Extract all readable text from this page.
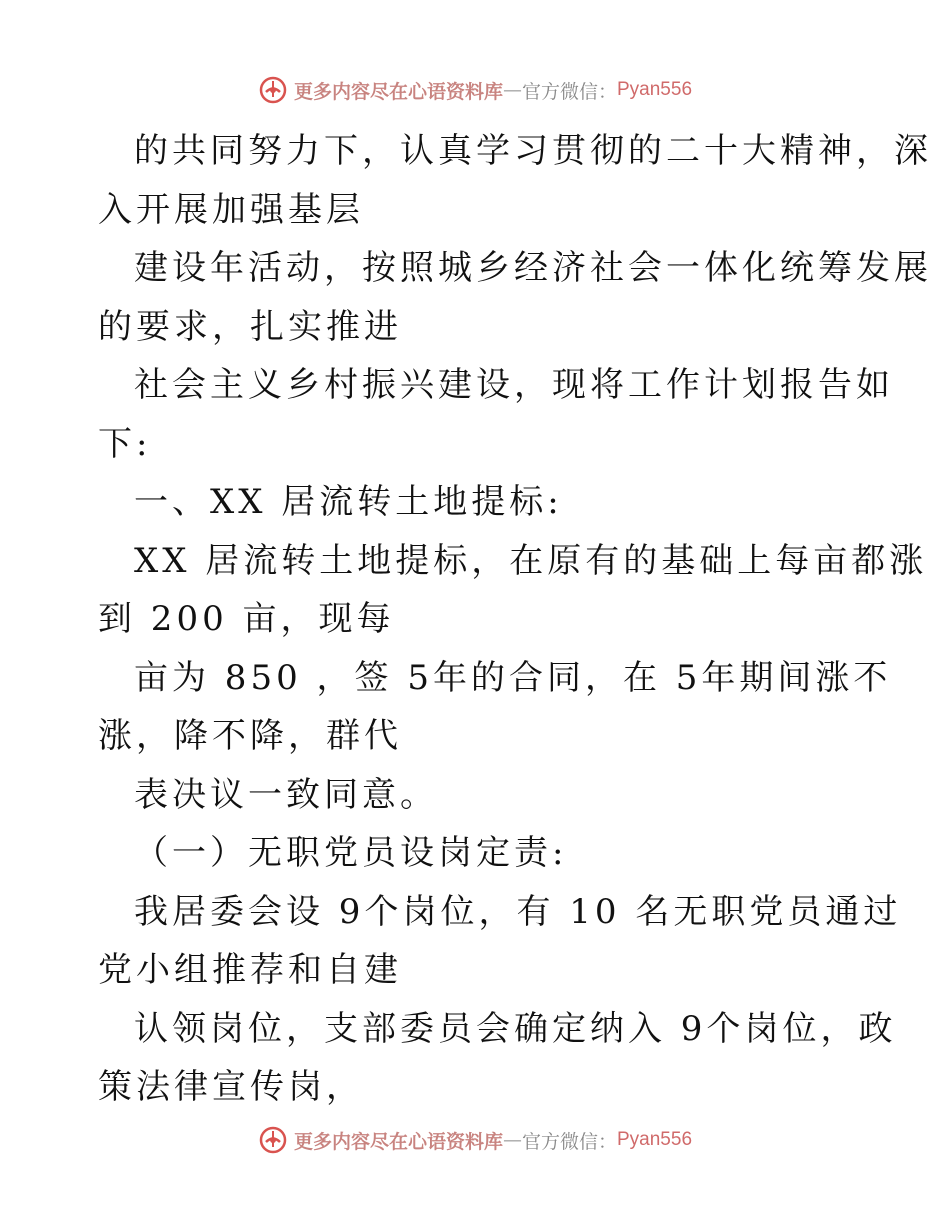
更多内容尽在心语资料库 — 官方微信： Pyan556
的共同努力下，认真学习贯彻的二十大精神，深
入开展加强基层
建设年活动，按照城乡经济社会一体化统筹发展
的要求，扎实推进
社会主义乡村振兴建设，现将工作计划报告如
下:
一、XX 居流转土地提标:
XX 居流转土地提标，在原有的基础上每亩都涨
到 200 亩，现每
亩为 850 ，签 5年的合同，在 5年期间涨不
涨，降不降，群代
表决议一致同意。
（一）无职党员设岗定责:
我居委会设 9个岗位，有 10 名无职党员通过
党小组推荐和自建
认领岗位，支部委员会确定纳入 9个岗位，政
策法律宣传岗，
更多内容尽在心语资料库 — 官方微信： Pyan556
